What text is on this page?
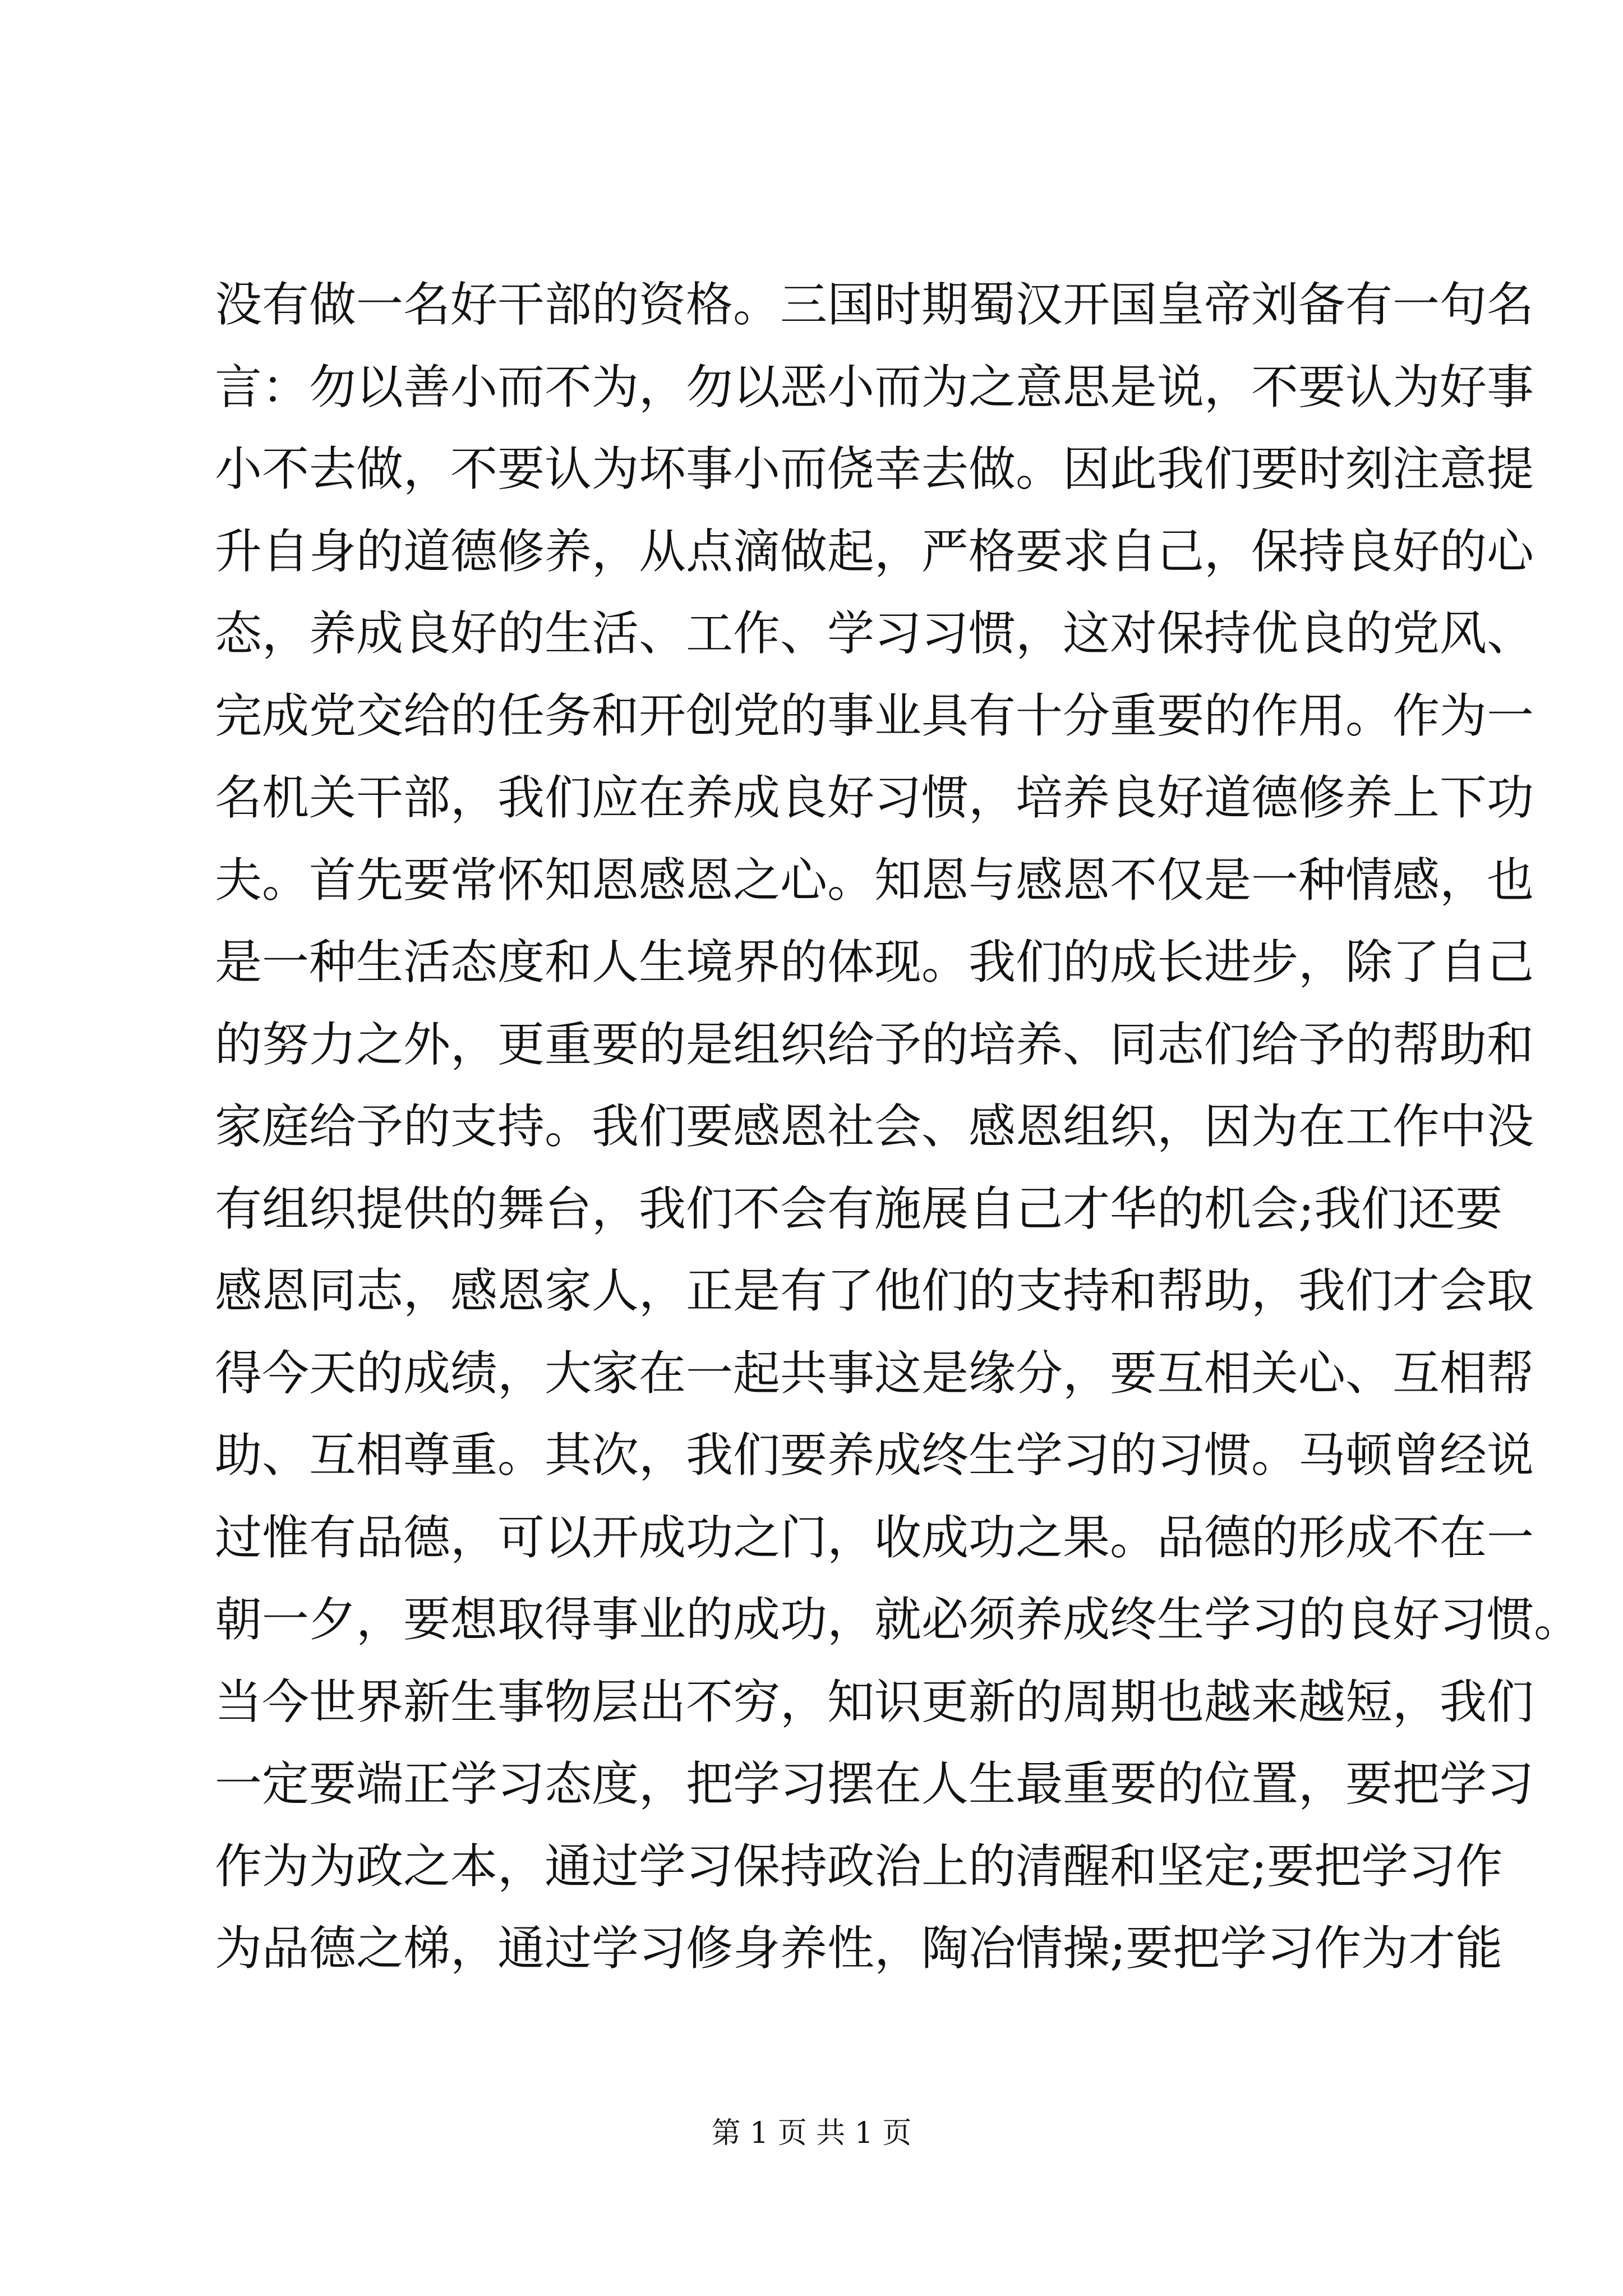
没有做一名好干部的资格。三国时期蜀汉开国皇帝刘备有一句名
言：勿以善小而不为，勿以恶小而为之意思是说，不要认为好事
小不去做，不要认为坏事小而侥幸去做。因此我们要时刻注意提
升自身的道德修养，从点滴做起，严格要求自己，保持良好的心
态，养成良好的生活、工作、学习习惯，这对保持优良的党风、
完成党交给的任务和开创党的事业具有十分重要的作用。作为一
名机关干部，我们应在养成良好习惯，培养良好道德修养上下功
夫。首先要常怀知恩感恩之心。知恩与感恩不仅是一种情感，也
是一种生活态度和人生境界的体现。我们的成长进步，除了自己
的努力之外，更重要的是组织给予的培养、同志们给予的帮助和
家庭给予的支持。我们要感恩社会、感恩组织，因为在工作中没
有组织提供的舞台，我们不会有施展自己才华的机会;我们还要
感恩同志，感恩家人，正是有了他们的支持和帮助，我们才会取
得今天的成绩，大家在一起共事这是缘分，要互相关心、互相帮
助、互相尊重。其次，我们要养成终生学习的习惯。马顿曾经说
过惟有品德，可以开成功之门，收成功之果。品德的形成不在一
朝一夕，要想取得事业的成功，就必须养成终生学习的良好习惯。
当今世界新生事物层出不穷，知识更新的周期也越来越短，我们
一定要端正学习态度，把学习摆在人生最重要的位置，要把学习
作为为政之本，通过学习保持政治上的清醒和坚定;要把学习作
为品德之梯，通过学习修身养性，陶冶情操;要把学习作为才能
第 1 页 共 1 页
